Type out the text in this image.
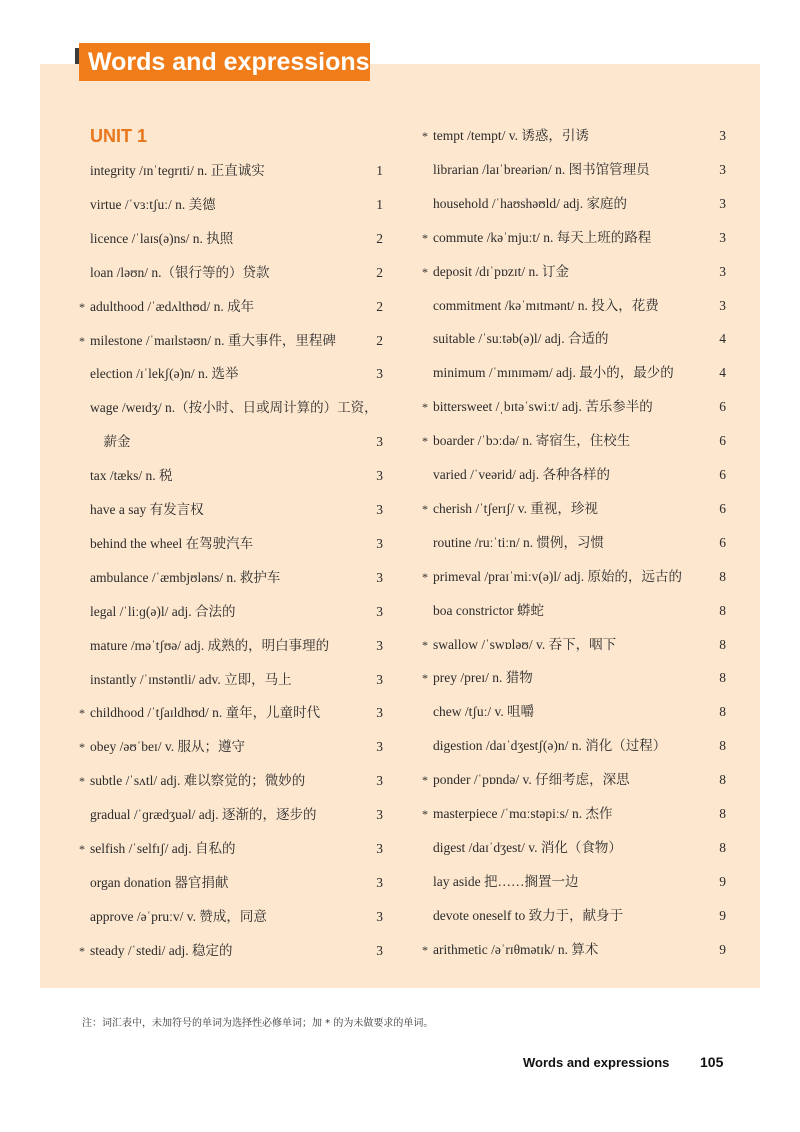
Words and expressions
UNIT 1
integrity /ɪnˈteɡrɪti/ n. 正直诚实	1
virtue /ˈvɜːtʃuː/ n. 美德	1
licence /ˈlaɪs(ə)ns/ n. 执照	2
loan /ləʊn/ n.（银行等的）贷款	2
* adulthood /ˈædʌlthʊd/ n. 成年	2
* milestone /ˈmaɪlstəʊn/ n. 重大事件，里程碑	2
election /ɪˈlekʃ(ə)n/ n. 选举	3
wage /weɪdʒ/ n.（按小时、日或周计算的）工资，
　薪金	3
tax /tæks/ n. 税	3
have a say 有发言权	3
behind the wheel 在驾驶汽车	3
ambulance /ˈæmbjʊləns/ n. 救护车	3
legal /ˈliːɡ(ə)l/ adj. 合法的	3
mature /məˈtʃʊə/ adj. 成熟的，明白事理的	3
instantly /ˈɪnstəntli/ adv. 立即，马上	3
* childhood /ˈtʃaɪldhʊd/ n. 童年，儿童时代	3
* obey /əʊˈbeɪ/ v. 服从；遵守	3
* subtle /ˈsʌtl/ adj. 难以察觉的；微妙的	3
gradual /ˈɡrædʒuəl/ adj. 逐渐的，逐步的	3
* selfish /ˈselfɪʃ/ adj. 自私的	3
organ donation 器官捐献	3
approve /əˈpruːv/ v. 赞成，同意	3
* steady /ˈstedi/ adj. 稳定的	3
* tempt /tempt/ v. 诱惑，引诱	3
librarian /laɪˈbreəriən/ n. 图书馆管理员	3
household /ˈhaʊshəʊld/ adj. 家庭的	3
* commute /kəˈmjuːt/ n. 每天上班的路程	3
* deposit /dɪˈpɒzɪt/ n. 订金	3
commitment /kəˈmɪtmənt/ n. 投入，花费	3
suitable /ˈsuːtəb(ə)l/ adj. 合适的	4
minimum /ˈmɪnɪməm/ adj. 最小的，最少的	4
* bittersweet /ˌbɪtəˈswiːt/ adj. 苦乐参半的	6
* boarder /ˈbɔːdə/ n. 寄宿生，住校生	6
varied /ˈveərid/ adj. 各种各样的	6
* cherish /ˈtʃerɪʃ/ v. 重视，珍视	6
routine /ruːˈtiːn/ n. 惯例，习惯	6
* primeval /praɪˈmiːv(ə)l/ adj. 原始的，远古的	8
boa constrictor 蟒蛇	8
* swallow /ˈswɒləʊ/ v. 吞下，咽下	8
* prey /preɪ/ n. 猎物	8
chew /tʃuː/ v. 咀嚼	8
digestion /daɪˈdʒestʃ(ə)n/ n. 消化（过程）	8
* ponder /ˈpɒndə/ v. 仔细考虑，深思	8
* masterpiece /ˈmɑːstəpiːs/ n. 杰作	8
digest /daɪˈdʒest/ v. 消化（食物）	8
lay aside 把……搁置一边	9
devote oneself to 致力于，献身于	9
* arithmetic /əˈrɪθmətɪk/ n. 算术	9
注：词汇表中，未加符号的单词为选择性必修单词；加 * 的为未做要求的单词。
Words and expressions 105
